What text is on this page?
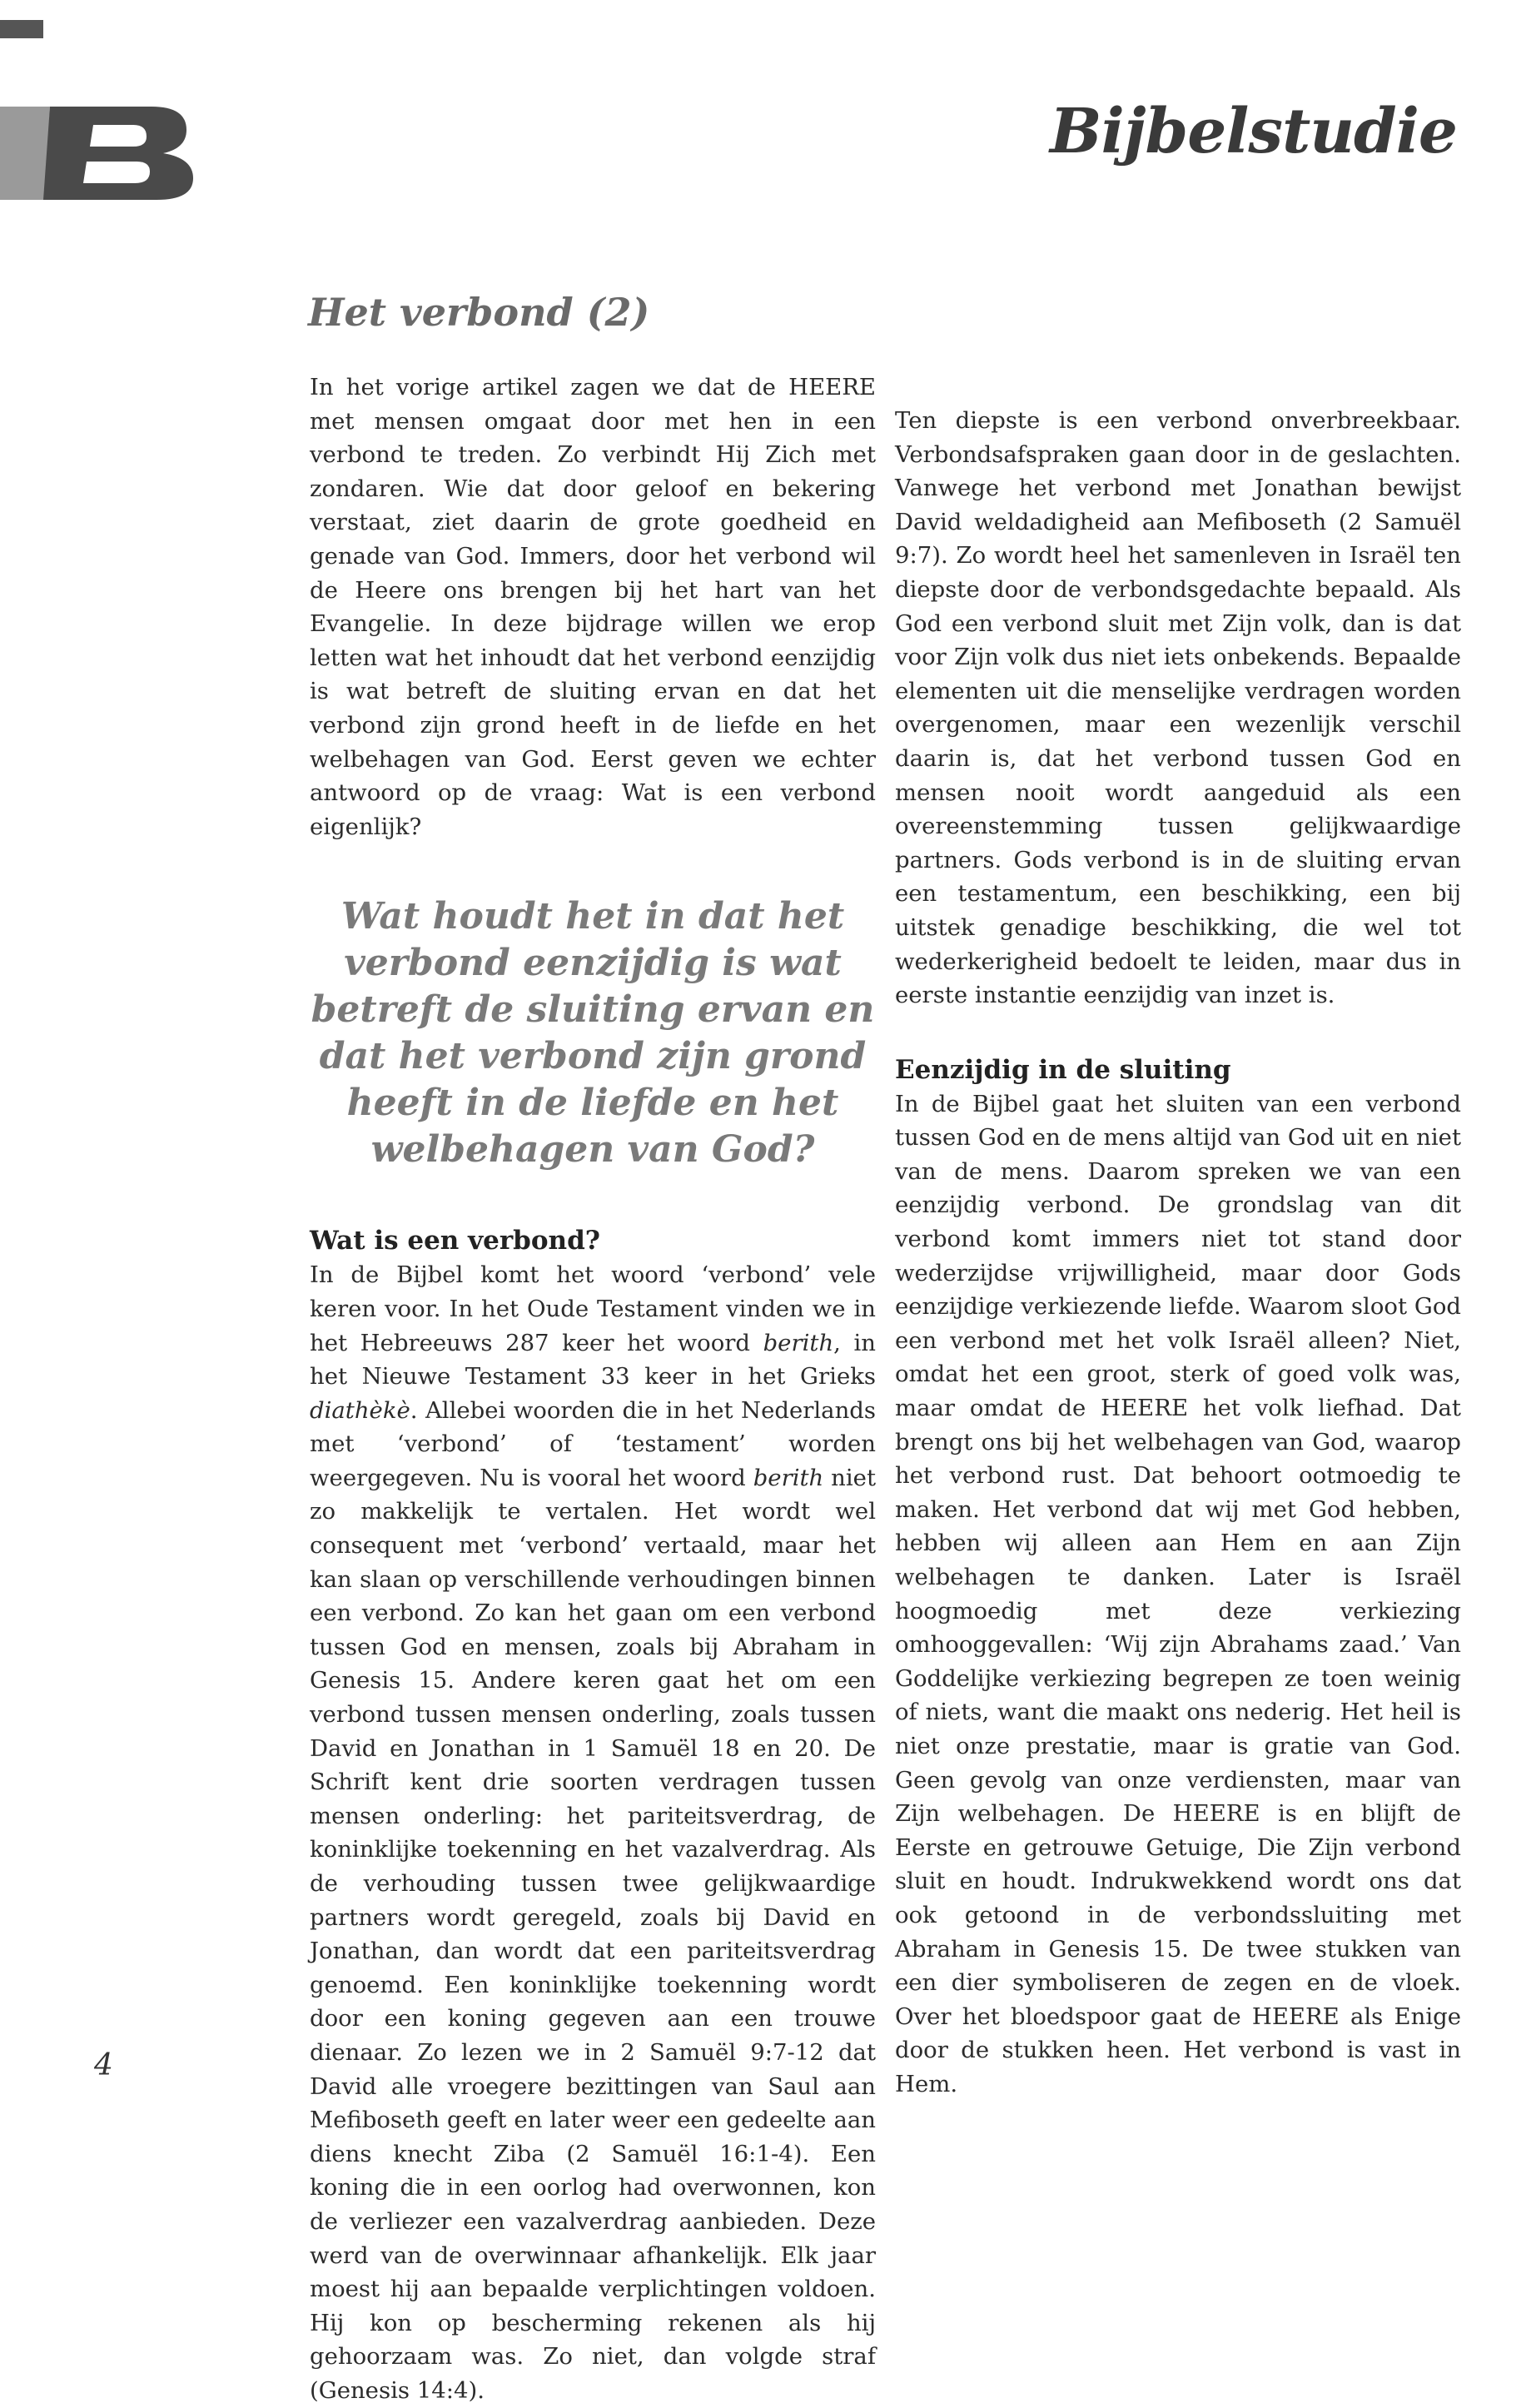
Bijbelstudie
Het verbond (2)

In het vorige artikel zagen we dat de HEERE met mensen omgaat door met hen in een verbond te treden. Zo verbindt Hij Zich met zondaren. Wie dat door geloof en bekering verstaat, ziet daarin de grote goedheid en genade van God. Immers, door het verbond wil de Heere ons brengen bij het hart van het Evangelie. In deze bijdrage willen we erop letten wat het inhoudt dat het verbond eenzijdig is wat betreft de sluiting ervan en dat het verbond zijn grond heeft in de liefde en het welbehagen van God. Eerst geven we echter antwoord op de vraag: Wat is een verbond eigenlijk?

Wat houdt het in dat het verbond eenzijdig is wat betreft de sluiting ervan en dat het verbond zijn grond heeft in de liefde en het welbehagen van God?
Wat is een verbond?

In de Bijbel komt het woord ‘verbond’ vele keren voor. In het Oude Testament vinden we in het Hebreeuws 287 keer het woord berith, in het Nieuwe Testament 33 keer in het Grieks diathèkè. Allebei woorden die in het Nederlands met ‘verbond’ of ‘testament’ worden weergegeven. Nu is vooral het woord berith niet zo makkelijk te vertalen. Het wordt wel consequent met ‘verbond’ vertaald, maar het kan slaan op verschillende verhoudingen binnen een verbond. Zo kan het gaan om een verbond tussen God en mensen, zoals bij Abraham in Genesis 15. Andere keren gaat het om een verbond tussen mensen onderling, zoals tussen David en Jonathan in 1 Samuël 18 en 20. De Schrift kent drie soorten verdragen tussen mensen onderling: het pariteitsverdrag, de koninklijke toekenning en het vazalverdrag. Als de verhouding tussen twee gelijkwaardige partners wordt geregeld, zoals bij David en Jonathan, dan wordt dat een pariteitsverdrag genoemd. Een koninklijke toekenning wordt door een koning gegeven aan een trouwe dienaar. Zo lezen we in 2 Samuël 9:7-12 dat David alle vroegere bezittingen van Saul aan Mefiboseth geeft en later weer een gedeelte aan diens knecht Ziba (2 Samuël 16:1-4). Een koning die in een oorlog had overwonnen, kon de verliezer een vazalverdrag aanbieden. Deze werd van de overwinnaar afhankelijk. Elk jaar moest hij aan bepaalde verplichtingen voldoen. Hij kon op bescherming rekenen als hij gehoorzaam was. Zo niet, dan volgde straf (Genesis 14:4).

Ten diepste is een verbond onverbreekbaar. Verbondsafspraken gaan door in de geslachten. Vanwege het verbond met Jonathan bewijst David weldadigheid aan Mefiboseth (2 Samuël 9:7). Zo wordt heel het samenleven in Israël ten diepste door de verbondsgedachte bepaald. Als God een verbond sluit met Zijn volk, dan is dat voor Zijn volk dus niet iets onbekends. Bepaalde elementen uit die menselijke verdragen worden overgenomen, maar een wezenlijk verschil daarin is, dat het verbond tussen God en mensen nooit wordt aangeduid als een overeenstemming tussen gelijkwaardige partners. Gods verbond is in de sluiting ervan een testamentum, een beschikking, een bij uitstek genadige beschikking, die wel tot wederkerigheid bedoelt te leiden, maar dus in eerste instantie eenzijdig van inzet is.

Eenzijdig in de sluiting

In de Bijbel gaat het sluiten van een verbond tussen God en de mens altijd van God uit en niet van de mens. Daarom spreken we van een eenzijdig verbond. De grondslag van dit verbond komt immers niet tot stand door wederzijdse vrijwilligheid, maar door Gods eenzijdige verkiezende liefde. Waarom sloot God een verbond met het volk Israël alleen? Niet, omdat het een groot, sterk of goed volk was, maar omdat de HEERE het volk liefhad. Dat brengt ons bij het welbehagen van God, waarop het verbond rust. Dat behoort ootmoedig te maken. Het verbond dat wij met God hebben, hebben wij alleen aan Hem en aan Zijn welbehagen te danken. Later is Israël hoogmoedig met deze verkiezing omhooggevallen: ‘Wij zijn Abrahams zaad.’ Van Goddelijke verkiezing begrepen ze toen weinig of niets, want die maakt ons nederig. Het heil is niet onze prestatie, maar is gratie van God. Geen gevolg van onze verdiensten, maar van Zijn welbehagen. De HEERE is en blijft de Eerste en getrouwe Getuige, Die Zijn verbond sluit en houdt. Indrukwekkend wordt ons dat ook getoond in de verbondssluiting met Abraham in Genesis 15. De twee stukken van een dier symboliseren de zegen en de vloek. Over het bloedspoor gaat de HEERE als Enige door de stukken heen. Het verbond is vast in Hem.

4
